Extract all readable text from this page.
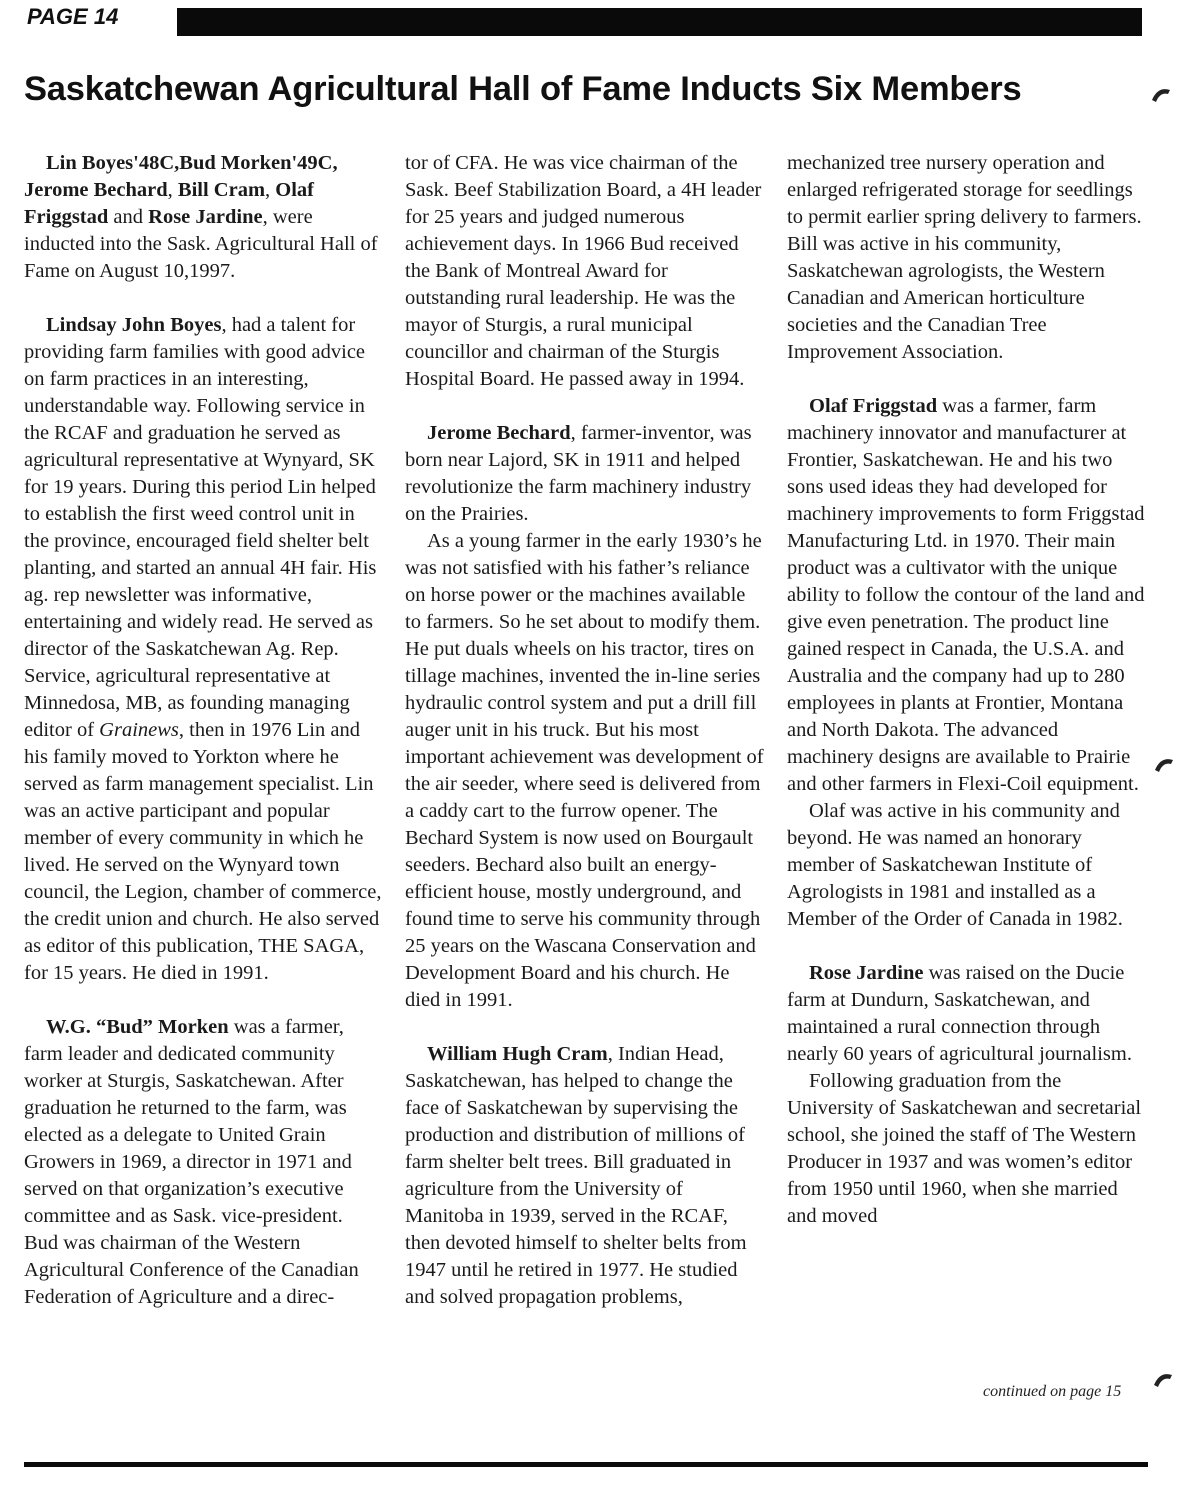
PAGE 14
Saskatchewan Agricultural Hall of Fame Inducts Six Members

Lin Boyes'48C,Bud Morken'49C,
Jerome Bechard, Bill Cram, Olaf Friggstad and Rose Jardine, were inducted into the Sask. Agricultural Hall of Fame on August 10,1997.

Lindsay John Boyes, had a talent for providing farm families with good advice on farm practices in an interesting, understandable way. Following service in the RCAF and graduation he served as agricultural representative at Wynyard, SK for 19 years. During this period Lin helped to establish the first weed control unit in the province, encouraged field shelter belt planting, and started an annual 4H fair. His ag. rep newsletter was informative, entertaining and widely read. He served as director of the Saskatchewan Ag. Rep. Service, agricultural representative at Minnedosa, MB, as founding managing editor of Grainews, then in 1976 Lin and his family moved to Yorkton where he served as farm management specialist. Lin was an active participant and popular member of every community in which he lived. He served on the Wynyard town council, the Legion, chamber of commerce, the credit union and church. He also served as editor of this publication, THE SAGA, for 15 years. He died in 1991.

W.G. “Bud” Morken was a farmer, farm leader and dedicated community worker at Sturgis, Saskatchewan. After graduation he returned to the farm, was elected as a delegate to United Grain Growers in 1969, a director in 1971 and served on that organization’s executive committee and as Sask. vice-president. Bud was chairman of the Western Agricultural Conference of the Canadian Federation of Agriculture and a direc-

tor of CFA. He was vice chairman of the Sask. Beef Stabilization Board, a 4H leader for 25 years and judged numerous achievement days. In 1966 Bud received the Bank of Montreal Award for outstanding rural leadership. He was the mayor of Sturgis, a rural municipal councillor and chairman of the Sturgis Hospital Board. He passed away in 1994.

Jerome Bechard, farmer-inventor, was born near Lajord, SK in 1911 and helped revolutionize the farm machinery industry on the Prairies.

As a young farmer in the early 1930’s he was not satisfied with his father’s reliance on horse power or the machines available to farmers. So he set about to modify them. He put duals wheels on his tractor, tires on tillage machines, invented the in-line series hydraulic control system and put a drill fill auger unit in his truck. But his most important achievement was development of the air seeder, where seed is delivered from a caddy cart to the furrow opener. The Bechard System is now used on Bourgault seeders. Bechard also built an energy-efficient house, mostly underground, and found time to serve his community through 25 years on the Wascana Conservation and Development Board and his church. He died in 1991.

William Hugh Cram, Indian Head, Saskatchewan, has helped to change the face of Saskatchewan by supervising the production and distribution of millions of farm shelter belt trees. Bill graduated in agriculture from the University of Manitoba in 1939, served in the RCAF, then devoted himself to shelter belts from 1947 until he retired in 1977. He studied and solved propagation problems,

mechanized tree nursery operation and enlarged refrigerated storage for seedlings to permit earlier spring delivery to farmers. Bill was active in his community, Saskatchewan agrologists, the Western Canadian and American horticulture societies and the Canadian Tree Improvement Association.

Olaf Friggstad was a farmer, farm machinery innovator and manufacturer at Frontier, Saskatchewan. He and his two sons used ideas they had developed for machinery improvements to form Friggstad Manufacturing Ltd. in 1970. Their main product was a cultivator with the unique ability to follow the contour of the land and give even penetration. The product line gained respect in Canada, the U.S.A. and Australia and the company had up to 280 employees in plants at Frontier, Montana and North Dakota. The advanced machinery designs are available to Prairie and other farmers in Flexi-Coil equipment.

Olaf was active in his community and beyond. He was named an honorary member of Saskatchewan Institute of Agrologists in 1981 and installed as a Member of the Order of Canada in 1982.

Rose Jardine was raised on the Ducie farm at Dundurn, Saskatchewan, and maintained a rural connection through nearly 60 years of agricultural journalism.

Following graduation from the University of Saskatchewan and secretarial school, she joined the staff of The Western Producer in 1937 and was women’s editor from 1950 until 1960, when she married and moved

continued on page 15
